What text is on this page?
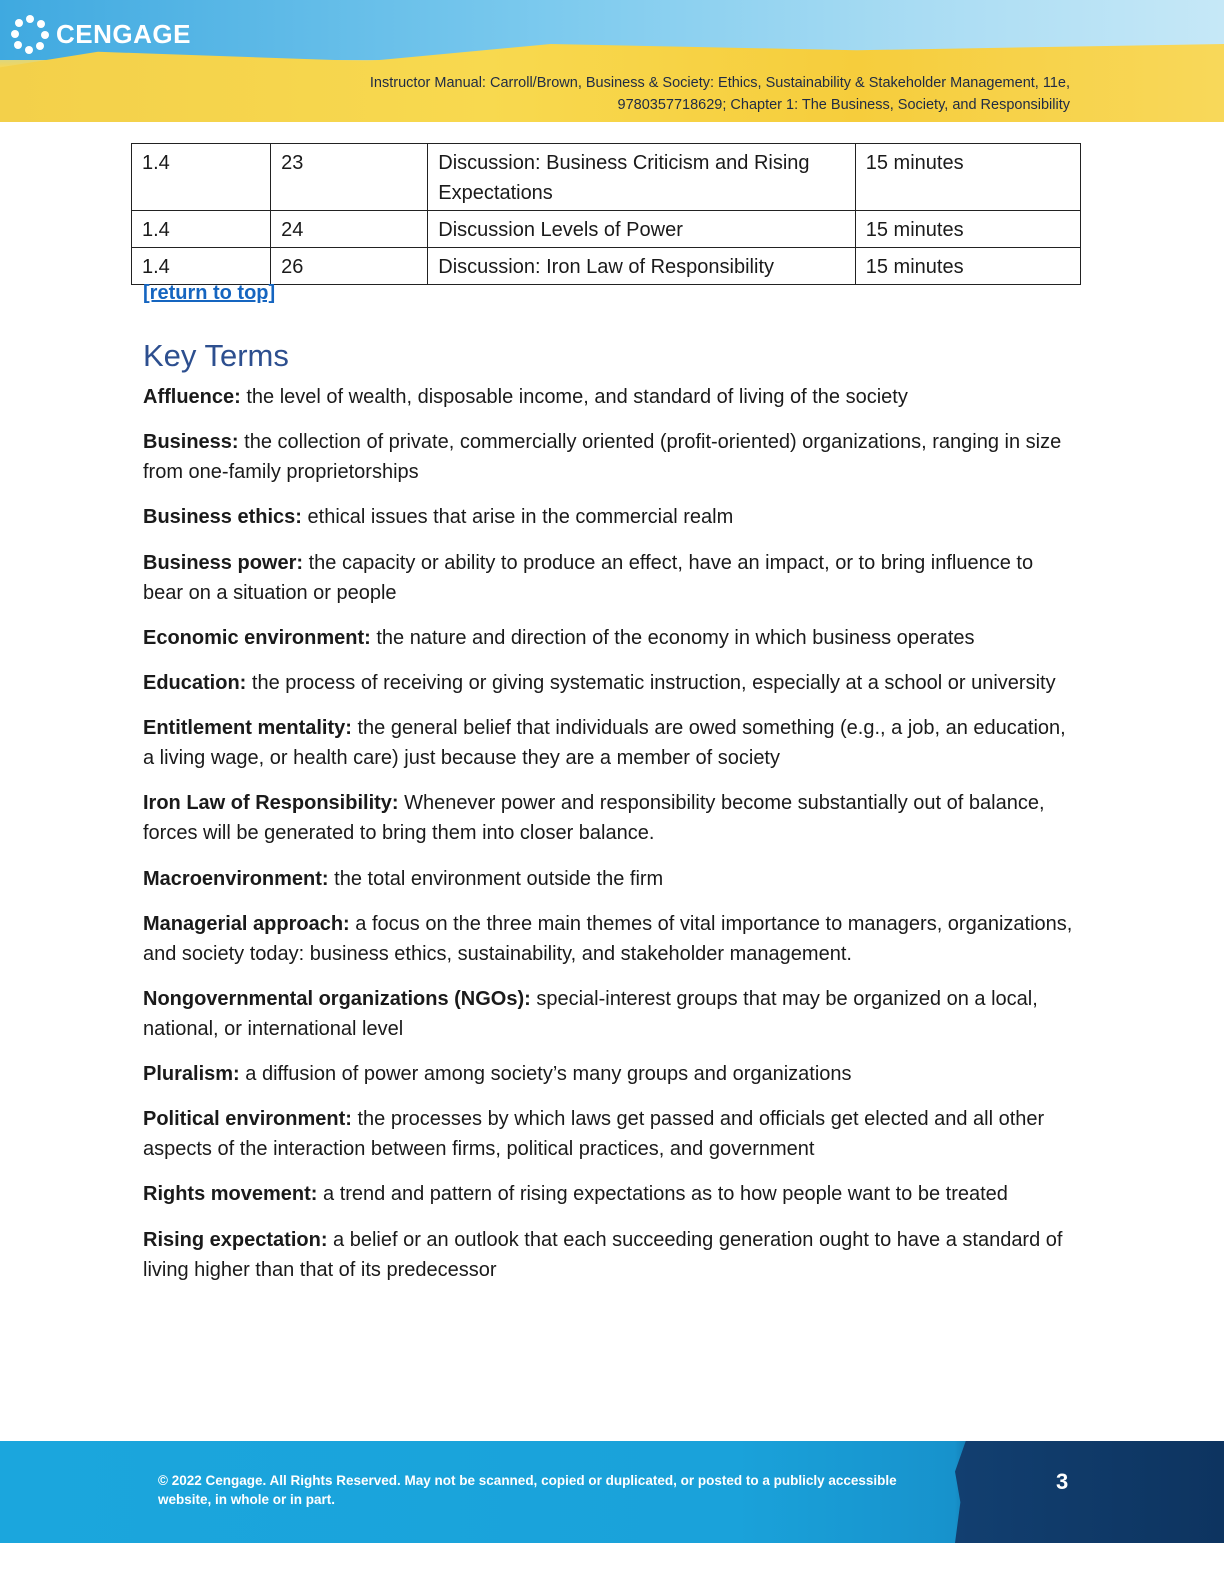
CENGAGE
Instructor Manual: Carroll/Brown, Business & Society: Ethics, Sustainability & Stakeholder Management, 11e,
9780357718629; Chapter 1: The Business, Society, and Responsibility
1.4	23	Discussion: Business Criticism and Rising Expectations	15 minutes
1.4	24	Discussion Levels of Power	15 minutes
1.4	26	Discussion: Iron Law of Responsibility	15 minutes
[return to top]
Key Terms

Affluence: the level of wealth, disposable income, and standard of living of the society

Business: the collection of private, commercially oriented (profit-oriented) organizations, ranging in size from one-family proprietorships

Business ethics: ethical issues that arise in the commercial realm

Business power: the capacity or ability to produce an effect, have an impact, or to bring influence to bear on a situation or people

Economic environment: the nature and direction of the economy in which business operates

Education: the process of receiving or giving systematic instruction, especially at a school or university

Entitlement mentality: the general belief that individuals are owed something (e.g., a job, an education, a living wage, or health care) just because they are a member of society

Iron Law of Responsibility: Whenever power and responsibility become substantially out of balance, forces will be generated to bring them into closer balance.

Macroenvironment: the total environment outside the firm

Managerial approach: a focus on the three main themes of vital importance to managers, organizations, and society today: business ethics, sustainability, and stakeholder management.

Nongovernmental organizations (NGOs): special-interest groups that may be organized on a local, national, or international level

Pluralism: a diffusion of power among society’s many groups and organizations

Political environment: the processes by which laws get passed and officials get elected and all other aspects of the interaction between firms, political practices, and government

Rights movement: a trend and pattern of rising expectations as to how people want to be treated

Rising expectation: a belief or an outlook that each succeeding generation ought to have a standard of living higher than that of its predecessor

© 2022 Cengage. All Rights Reserved. May not be scanned, copied or duplicated, or posted to a publicly accessible website, in whole or in part.
3
